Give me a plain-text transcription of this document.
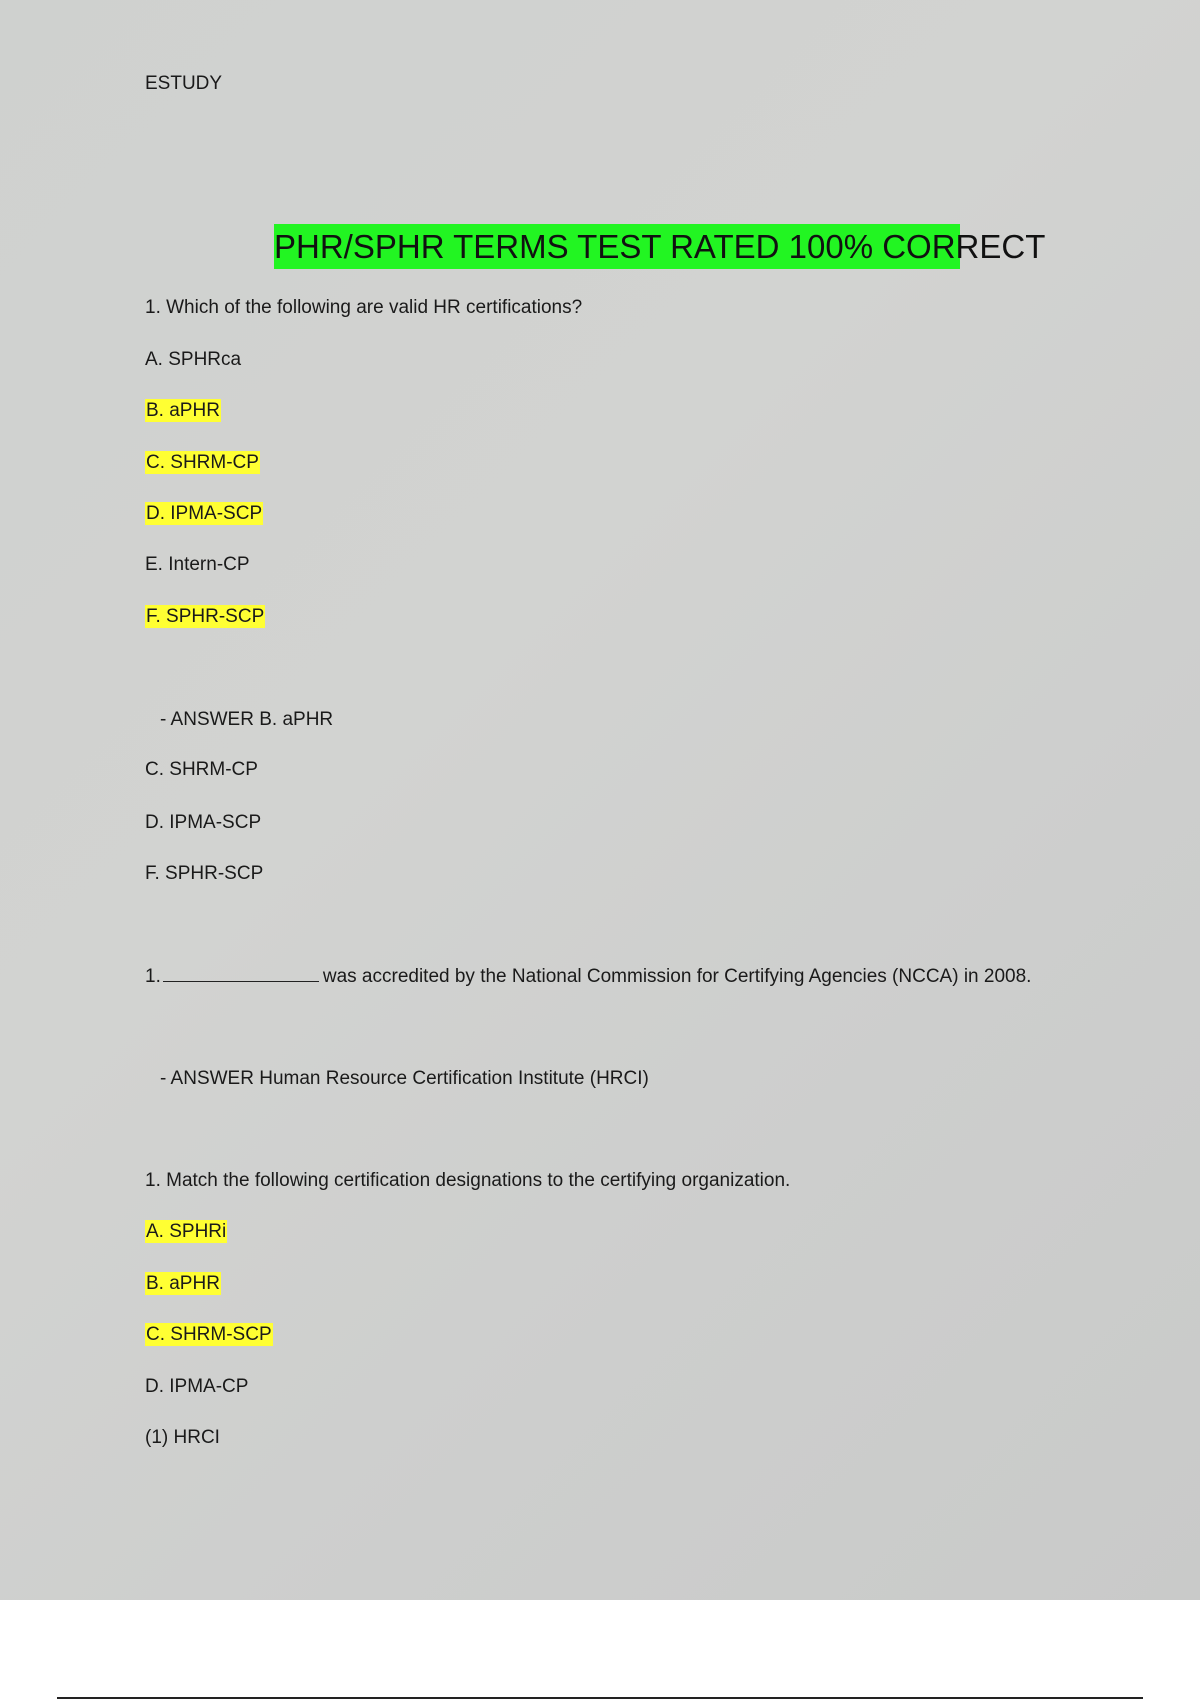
ESTUDY
PHR/SPHR TERMS TEST RATED 100% CORRECT
1. Which of the following are valid HR certifications?
A. SPHRca
B. aPHR
C. SHRM-CP
D. IPMA-SCP
E. Intern-CP
F. SPHR-SCP
- ANSWER B. aPHR
C. SHRM-CP
D. IPMA-SCP
F. SPHR-SCP
1.	was accredited by the National Commission for Certifying Agencies (NCCA) in 2008.
- ANSWER Human Resource Certification Institute (HRCI)
1. Match the following certification designations to the certifying organization.
A. SPHRi
B. aPHR
C. SHRM-SCP
D. IPMA-CP
(1) HRCI
